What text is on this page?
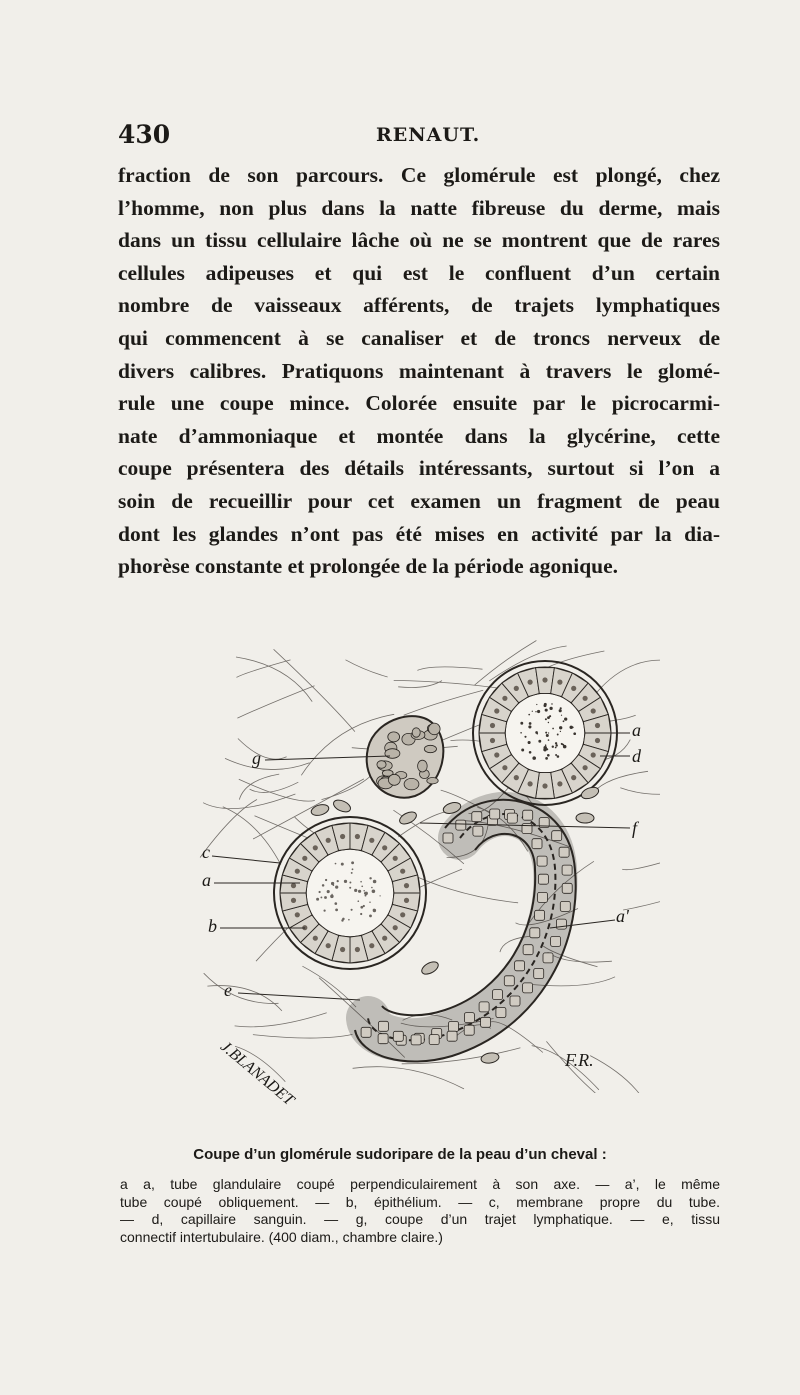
430	RENAUT.
fraction de son parcours. Ce glomérule est plongé, chez
l’homme, non plus dans la natte fibreuse du derme, mais
dans un tissu cellulaire lâche où ne se montrent que de rares
cellules adipeuses et qui est le confluent d’un certain
nombre de vaisseaux afférents, de trajets lymphatiques
qui commencent à se canaliser et de troncs nerveux de
divers calibres. Pratiquons maintenant à travers le glomé-
rule une coupe mince. Colorée ensuite par le picrocarmi-
nate d’ammoniaque et montée dans la glycérine, cette
coupe présentera des détails intéressants, surtout si l’on a
soin de recueillir pour cet examen un fragment de peau
dont les glandes n’ont pas été mises en activité par la dia-
phorèse constante et prolongée de la période agonique.
a
d
g
f
c
a
b	a'
e
J.BLANADET	F.R.
Coupe d’un glomérule sudoripare de la peau d’un cheval :
a a, tube glandulaire coupé perpendiculairement à son axe. — a’, le même
tube coupé obliquement. — b, épithélium. — c, membrane propre du tube.
— d, capillaire sanguin. — g, coupe d’un trajet lymphatique. — e, tissu
connectif intertubulaire. (400 diam., chambre claire.)
